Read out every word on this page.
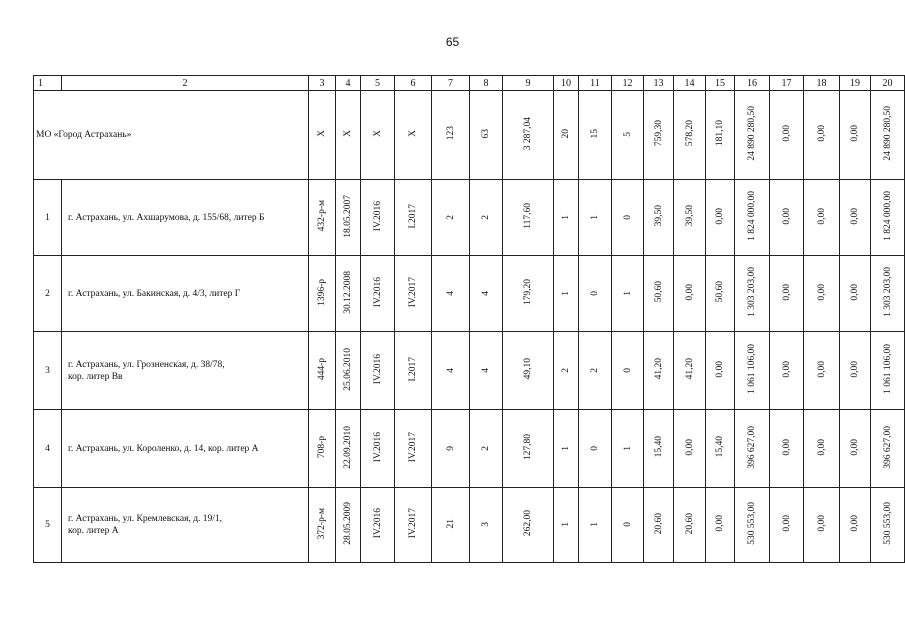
65
1	2	3	4	5	6	7	8	9	10	11	12	13	14	15	16	17	18	19	20
МО «Город Астрахань»		Х	Х	Х	Х	123	63	3 287,04	20	15	5	759,30	578,20	181,10	24 890 280,50	0,00	0,00	0,00	24 890 280,50
1	г. Астрахань, ул. Ахшарумова, д. 155/68, литер Б	432-р-м	18.05.2007	IV.2016	I.2017	2	2	117,60	1	1	0	39,50	39,50	0,00	1 824 000,00	0,00	0,00	0,00	1 824 000,00
2	г. Астрахань, ул. Бакинская, д. 4/3, литер Г	1396-р	30.12.2008	IV.2016	IV.2017	4	4	179,20	1	0	1	50,60	0,00	50,60	1 303 203,00	0,00	0,00	0,00	1 303 203,00
3	г. Астрахань, ул. Грозненская, д. 38/78,
кор. литер Вв	444-р	25.06.2010	IV.2016	I.2017	4	4	49,10	2	2	0	41,20	41,20	0,00	1 061 106,00	0,00	0,00	0,00	1 061 106,00
4	г. Астрахань, ул. Короленко, д. 14, кор. литер А	708-р	22.09.2010	IV.2016	IV.2017	9	2	127,80	1	0	1	15,40	0,00	15,40	396 627,00	0,00	0,00	0,00	396 627,00
5	г. Астрахань, ул. Кремлевская, д. 19/1,
кор. литер А	372-р-м	28.05.2009	IV.2016	IV.2017	21	3	262,00	1	1	0	20,60	20,60	0,00	530 553,00	0,00	0,00	0,00	530 553,00
